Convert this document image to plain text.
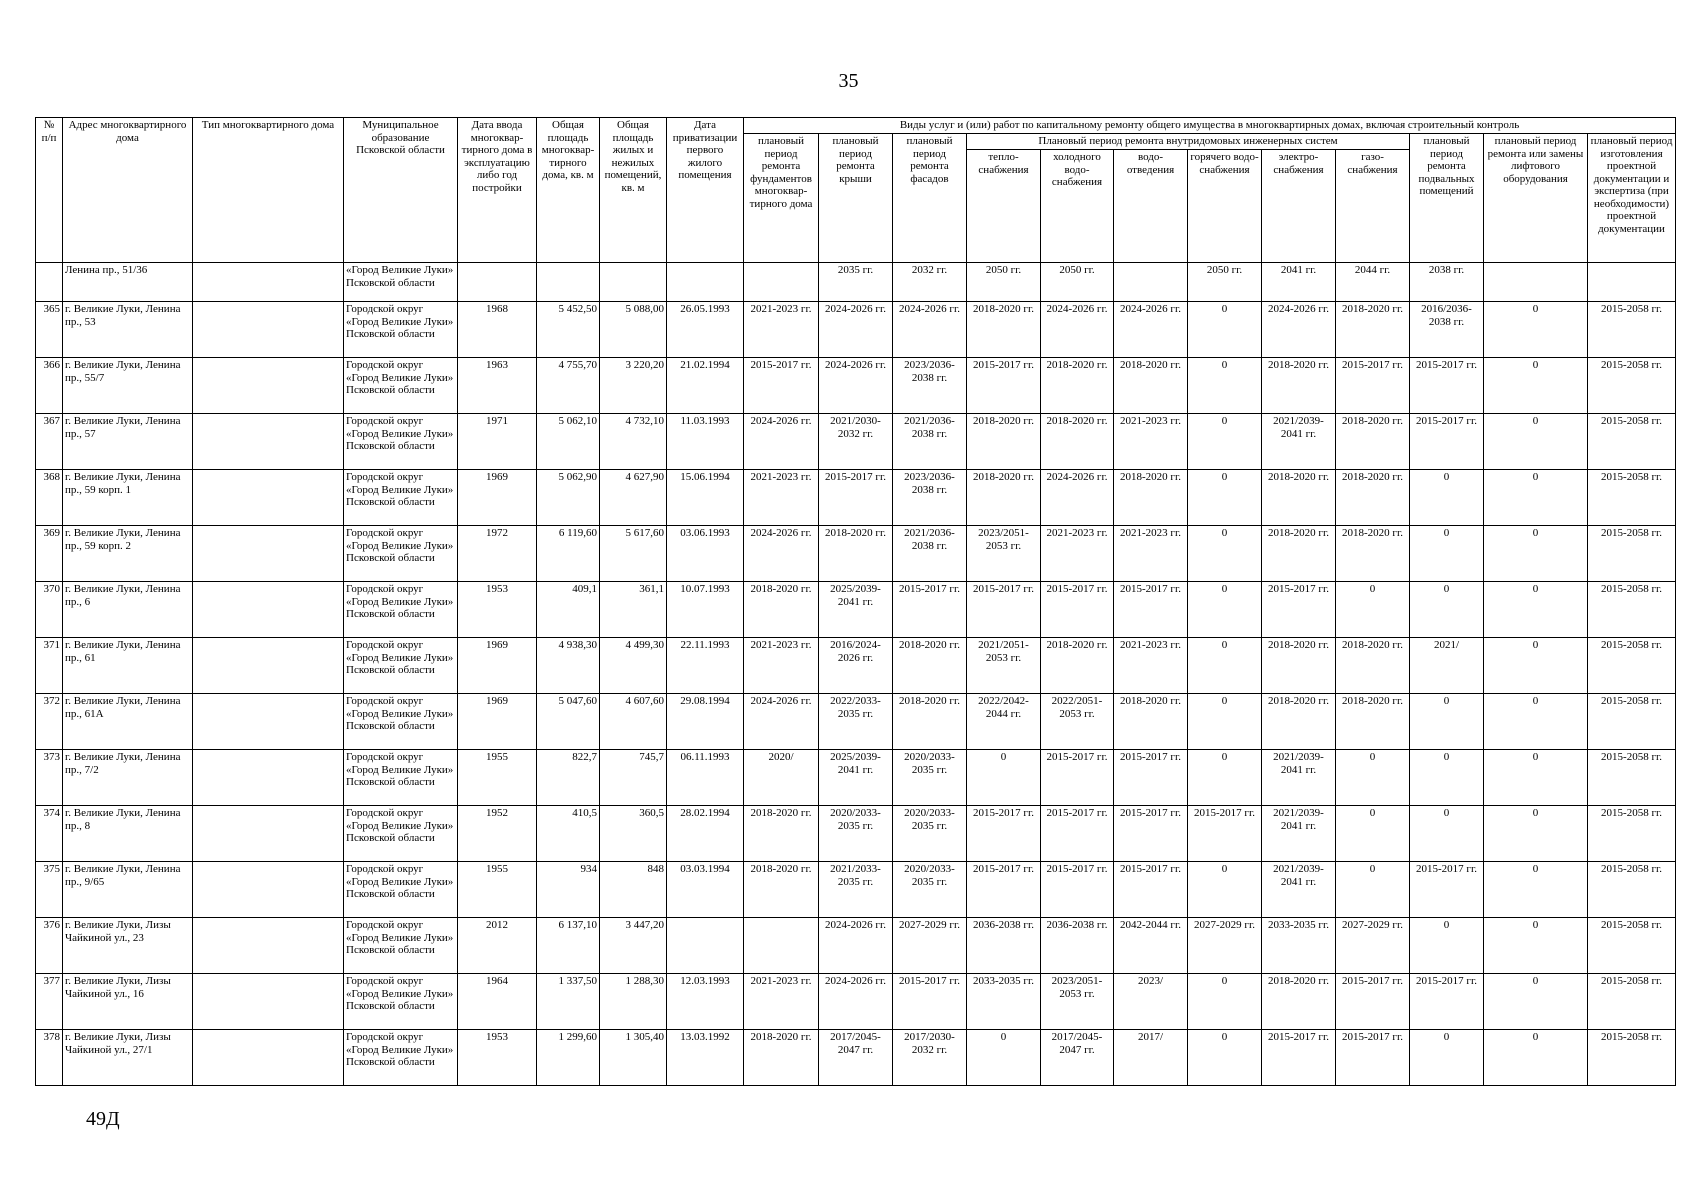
35
№ п/п	Адрес многоквартирного дома	Тип многоквартирного дома	Муниципальное образование Псковской области	Дата ввода многоквар-тирного дома в эксплуатацию либо год постройки	Общая площадь многоквар-тирного дома, кв. м	Общая площадь жилых и нежилых помещений, кв. м	Дата приватизации первого жилого помещения	Виды услуг и (или) работ по капитальному ремонту общего имущества в многоквартирных домах, включая строительный контроль											
								плановый период ремонта фундаментов многоквар-тирного дома	плановый период ремонта крыши	плановый период ремонта фасадов	Плановый период ремонта внутридомовых инженерных систем						плановый период ремонта подвальных помещений	плановый период ремонта или замены лифтового оборудования	плановый период изготовления проектной документации и экспертиза (при необходимости) проектной документации
											тепло-снабжения	холодного водо-снабжения	водо-отведения	горячего водо-снабжения	электро-снабжения	газо-снабжения			
	Ленина пр., 51/36		«Город Великие Луки» Псковской области						2035 гг.	2032 гг.	2050 гг.	2050 гг.		2050 гг.	2041 гг.	2044 гг.	2038 гг.		
365	г. Великие Луки, Ленина пр., 53		Городской округ «Город Великие Луки» Псковской области	1968	5 452,50	5 088,00	26.05.1993	2021-2023 гг.	2024-2026 гг.	2024-2026 гг.	2018-2020 гг.	2024-2026 гг.	2024-2026 гг.	0	2024-2026 гг.	2018-2020 гг.	2016/2036-2038 гг.	0	2015-2058 гг.
366	г. Великие Луки, Ленина пр., 55/7		Городской округ «Город Великие Луки» Псковской области	1963	4 755,70	3 220,20	21.02.1994	2015-2017 гг.	2024-2026 гг.	2023/2036-2038 гг.	2015-2017 гг.	2018-2020 гг.	2018-2020 гг.	0	2018-2020 гг.	2015-2017 гг.	2015-2017 гг.	0	2015-2058 гг.
367	г. Великие Луки, Ленина пр., 57		Городской округ «Город Великие Луки» Псковской области	1971	5 062,10	4 732,10	11.03.1993	2024-2026 гг.	2021/2030-2032 гг.	2021/2036-2038 гг.	2018-2020 гг.	2018-2020 гг.	2021-2023 гг.	0	2021/2039-2041 гг.	2018-2020 гг.	2015-2017 гг.	0	2015-2058 гг.
368	г. Великие Луки, Ленина пр., 59 корп. 1		Городской округ «Город Великие Луки» Псковской области	1969	5 062,90	4 627,90	15.06.1994	2021-2023 гг.	2015-2017 гг.	2023/2036-2038 гг.	2018-2020 гг.	2024-2026 гг.	2018-2020 гг.	0	2018-2020 гг.	2018-2020 гг.	0	0	2015-2058 гг.
369	г. Великие Луки, Ленина пр., 59 корп. 2		Городской округ «Город Великие Луки» Псковской области	1972	6 119,60	5 617,60	03.06.1993	2024-2026 гг.	2018-2020 гг.	2021/2036-2038 гг.	2023/2051-2053 гг.	2021-2023 гг.	2021-2023 гг.	0	2018-2020 гг.	2018-2020 гг.	0	0	2015-2058 гг.
370	г. Великие Луки, Ленина пр., 6		Городской округ «Город Великие Луки» Псковской области	1953	409,1	361,1	10.07.1993	2018-2020 гг.	2025/2039-2041 гг.	2015-2017 гг.	2015-2017 гг.	2015-2017 гг.	2015-2017 гг.	0	2015-2017 гг.	0	0	0	2015-2058 гг.
371	г. Великие Луки, Ленина пр., 61		Городской округ «Город Великие Луки» Псковской области	1969	4 938,30	4 499,30	22.11.1993	2021-2023 гг.	2016/2024-2026 гг.	2018-2020 гг.	2021/2051-2053 гг.	2018-2020 гг.	2021-2023 гг.	0	2018-2020 гг.	2018-2020 гг.	2021/	0	2015-2058 гг.
372	г. Великие Луки, Ленина пр., 61А		Городской округ «Город Великие Луки» Псковской области	1969	5 047,60	4 607,60	29.08.1994	2024-2026 гг.	2022/2033-2035 гг.	2018-2020 гг.	2022/2042-2044 гг.	2022/2051-2053 гг.	2018-2020 гг.	0	2018-2020 гг.	2018-2020 гг.	0	0	2015-2058 гг.
373	г. Великие Луки, Ленина пр., 7/2		Городской округ «Город Великие Луки» Псковской области	1955	822,7	745,7	06.11.1993	2020/	2025/2039-2041 гг.	2020/2033-2035 гг.	0	2015-2017 гг.	2015-2017 гг.	0	2021/2039-2041 гг.	0	0	0	2015-2058 гг.
374	г. Великие Луки, Ленина пр., 8		Городской округ «Город Великие Луки» Псковской области	1952	410,5	360,5	28.02.1994	2018-2020 гг.	2020/2033-2035 гг.	2020/2033-2035 гг.	2015-2017 гг.	2015-2017 гг.	2015-2017 гг.	2015-2017 гг.	2021/2039-2041 гг.	0	0	0	2015-2058 гг.
375	г. Великие Луки, Ленина пр., 9/65		Городской округ «Город Великие Луки» Псковской области	1955	934	848	03.03.1994	2018-2020 гг.	2021/2033-2035 гг.	2020/2033-2035 гг.	2015-2017 гг.	2015-2017 гг.	2015-2017 гг.	0	2021/2039-2041 гг.	0	2015-2017 гг.	0	2015-2058 гг.
376	г. Великие Луки, Лизы Чайкиной ул., 23		Городской округ «Город Великие Луки» Псковской области	2012	6 137,10	3 447,20			2024-2026 гг.	2027-2029 гг.	2036-2038 гг.	2036-2038 гг.	2042-2044 гг.	2027-2029 гг.	2033-2035 гг.	2027-2029 гг.	0	0	2015-2058 гг.
377	г. Великие Луки, Лизы Чайкиной ул., 16		Городской округ «Город Великие Луки» Псковской области	1964	1 337,50	1 288,30	12.03.1993	2021-2023 гг.	2024-2026 гг.	2015-2017 гг.	2033-2035 гг.	2023/2051-2053 гг.	2023/	0	2018-2020 гг.	2015-2017 гг.	2015-2017 гг.	0	2015-2058 гг.
378	г. Великие Луки, Лизы Чайкиной ул., 27/1		Городской округ «Город Великие Луки» Псковской области	1953	1 299,60	1 305,40	13.03.1992	2018-2020 гг.	2017/2045-2047 гг.	2017/2030-2032 гг.	0	2017/2045-2047 гг.	2017/	0	2015-2017 гг.	2015-2017 гг.	0	0	2015-2058 гг.
49Д
